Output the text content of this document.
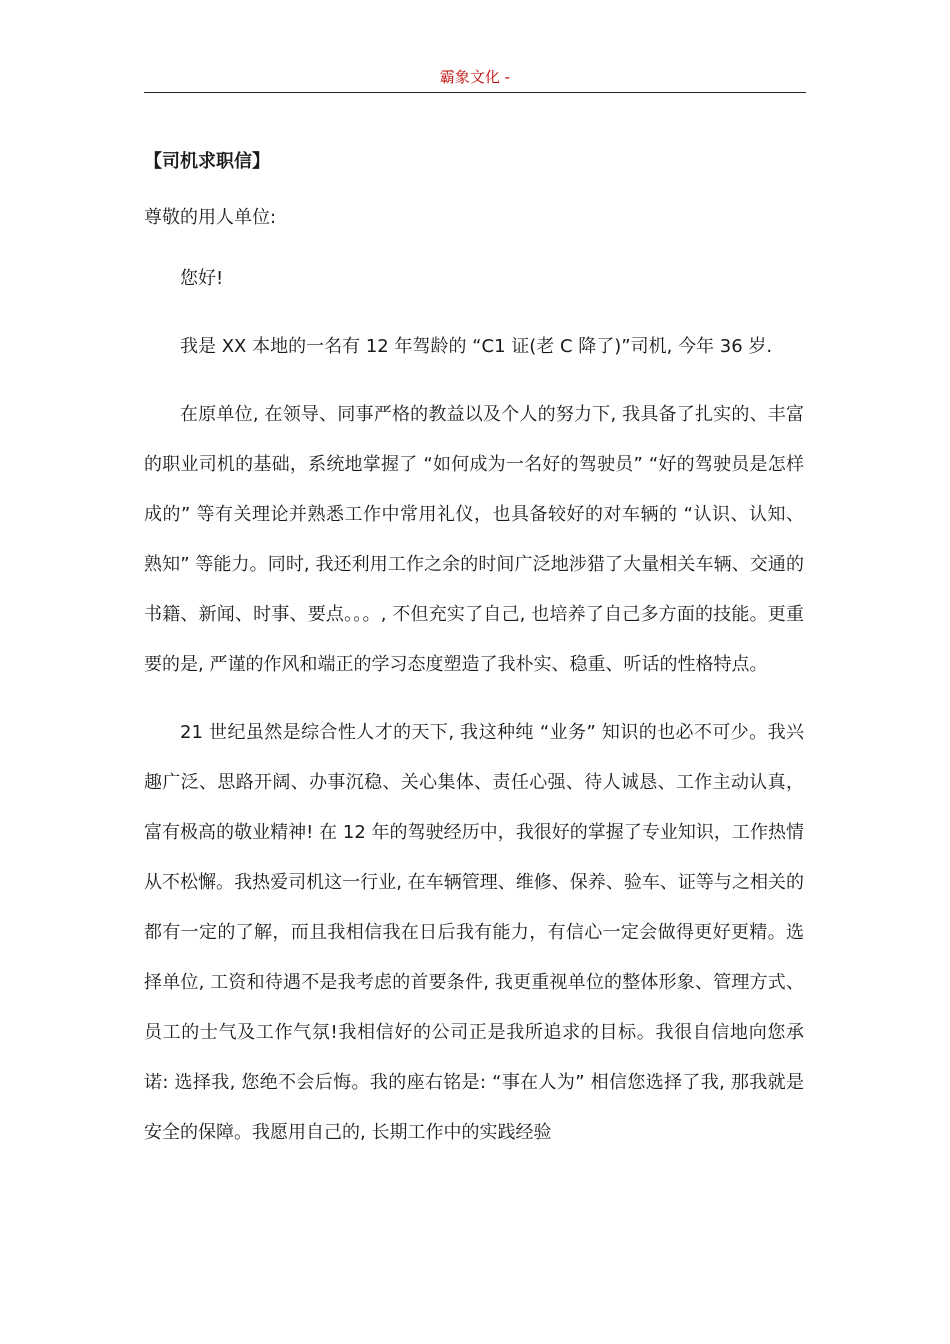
霸象文化 -

【司机求职信】

尊敬的用人单位:

您好!

我是 XX 本地的一名有 12 年驾龄的 “C1 证(老 C 降了)”司机, 今年 36 岁.

在原单位, 在领导、同事严格的教益以及个人的努力下, 我具备了扎实的、丰富的职业司机的基础，系统地掌握了 “如何成为一名好的驾驶员” “好的驾驶员是怎样成的” 等有关理论并熟悉工作中常用礼仪，也具备较好的对车辆的 “认识、认知、熟知” 等能力。同时, 我还利用工作之余的时间广泛地涉猎了大量相关车辆、交通的书籍、新闻、时事、要点。。。, 不但充实了自己, 也培养了自己多方面的技能。更重要的是, 严谨的作风和端正的学习态度塑造了我朴实、稳重、听话的性格特点。

21 世纪虽然是综合性人才的天下, 我这种纯 “业务” 知识的也必不可少。我兴趣广泛、思路开阔、办事沉稳、关心集体、责任心强、待人诚恳、工作主动认真，富有极高的敬业精神! 在 12 年的驾驶经历中，我很好的掌握了专业知识，工作热情从不松懈。我热爱司机这一行业, 在车辆管理、维修、保养、验车、证等与之相关的都有一定的了解，而且我相信我在日后我有能力，有信心一定会做得更好更精。选择单位, 工资和待遇不是我考虑的首要条件, 我更重视单位的整体形象、管理方式、员工的士气及工作气氛!我相信好的公司正是我所追求的目标。我很自信地向您承诺: 选择我, 您绝不会后悔。我的座右铭是: “事在人为” 相信您选择了我, 那我就是安全的保障。我愿用自己的, 长期工作中的实践经验
